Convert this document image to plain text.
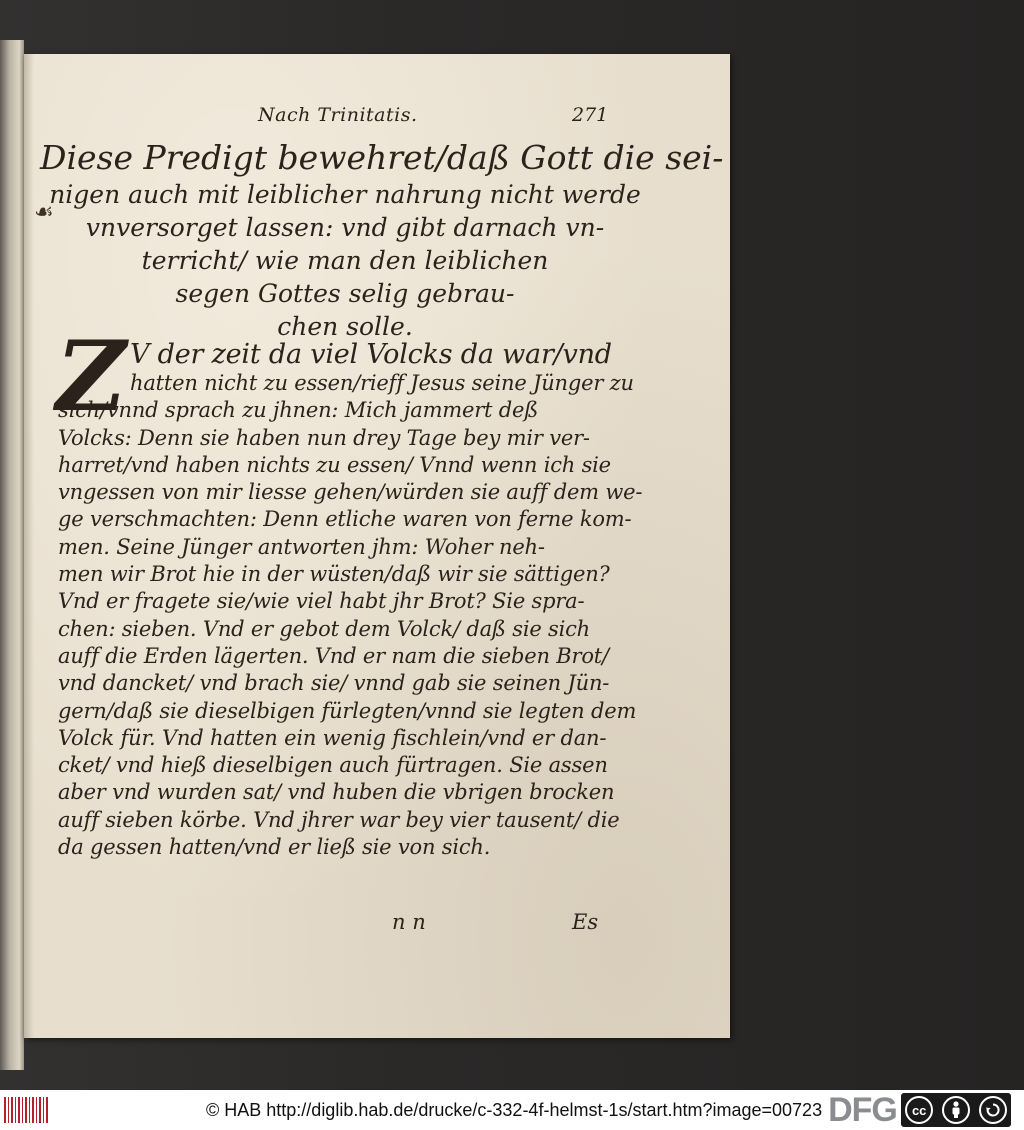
Nach Trinitatis.	271
Diese Predigt bewehret/daß Gott die sei-
nigen auch mit leiblicher nahrung nicht werde
vnversorget lassen: vnd gibt darnach vn-
terricht/ wie man den leiblichen
segen Gottes selig gebrau-
chen solle.
☙
Z V der zeit da viel Volcks da war/vnd
hatten nicht zu essen/rieff Jesus seine Jünger zu
sich/vnnd sprach zu jhnen: Mich jammert deß
Volcks: Denn sie haben nun drey Tage bey mir ver-
harret/vnd haben nichts zu essen/ Vnnd wenn ich sie
vngessen von mir liesse gehen/würden sie auff dem we-
ge verschmachten: Denn etliche waren von ferne kom-
men. Seine Jünger antworten jhm: Woher neh-
men wir Brot hie in der wüsten/daß wir sie sättigen?
Vnd er fragete sie/wie viel habt jhr Brot? Sie spra-
chen: sieben. Vnd er gebot dem Volck/ daß sie sich
auff die Erden lägerten. Vnd er nam die sieben Brot/
vnd dancket/ vnd brach sie/ vnnd gab sie seinen Jün-
gern/daß sie dieselbigen fürlegten/vnnd sie legten dem
Volck für. Vnd hatten ein wenig fischlein/vnd er dan-
cket/ vnd hieß dieselbigen auch fürtragen. Sie assen
aber vnd wurden sat/ vnd huben die vbrigen brocken
auff sieben körbe. Vnd jhrer war bey vier tausent/ die
da gessen hatten/vnd er ließ sie von sich.
n n	Es
© HAB http://diglib.hab.de/drucke/c-332-4f-helmst-1s/start.htm?image=00723 DFG	cc
